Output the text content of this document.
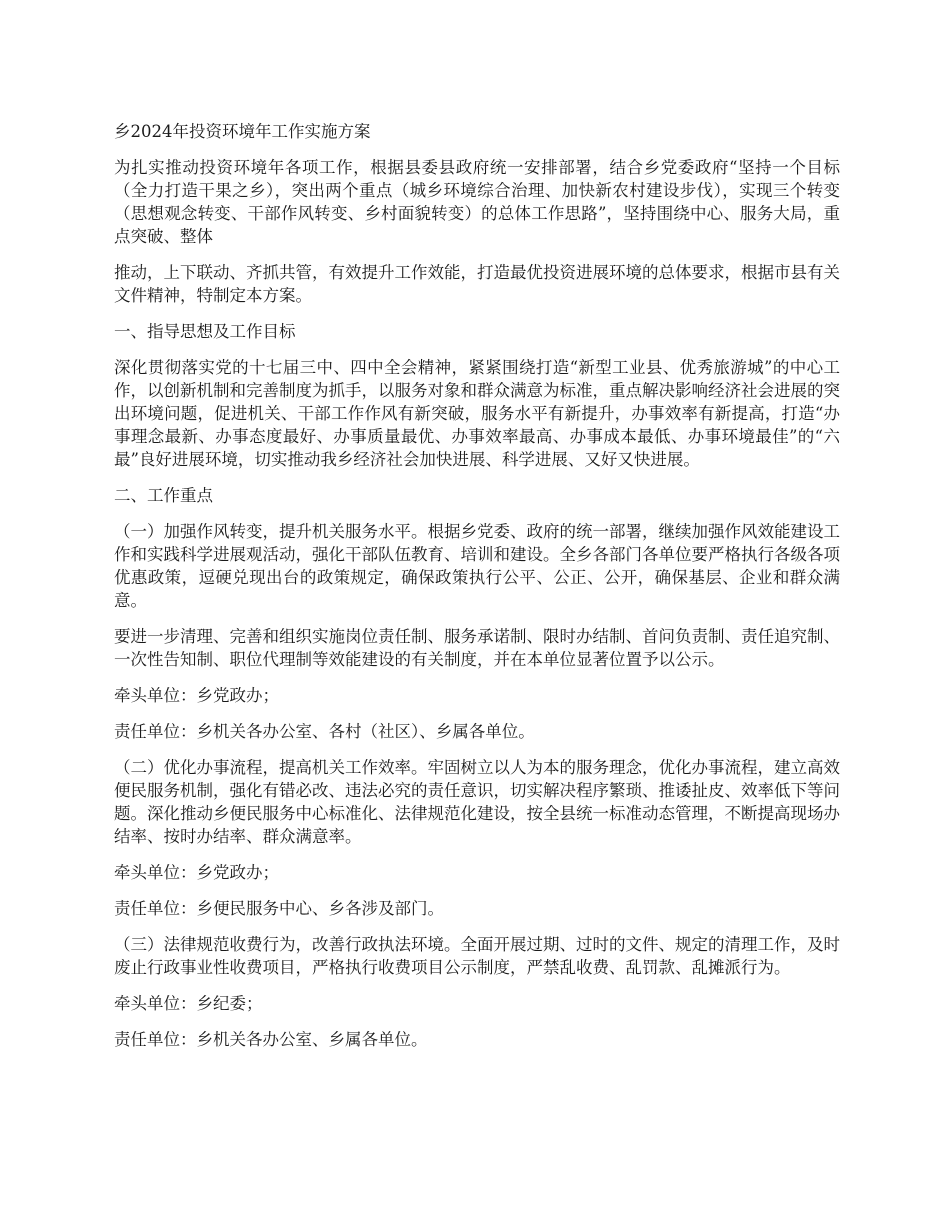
乡2024年投资环境年工作实施方案

为扎实推动投资环境年各项工作，根据县委县政府统一安排部署，结合乡党委政府“坚持一个目标（全力打造干果之乡），突出两个重点（城乡环境综合治理、加快新农村建设步伐），实现三个转变（思想观念转变、干部作风转变、乡村面貌转变）的总体工作思路”，坚持围绕中心、服务大局，重点突破、整体

推动，上下联动、齐抓共管，有效提升工作效能，打造最优投资进展环境的总体要求，根据市县有关文件精神，特制定本方案。

一、指导思想及工作目标

深化贯彻落实党的十七届三中、四中全会精神，紧紧围绕打造“新型工业县、优秀旅游城”的中心工作，以创新机制和完善制度为抓手，以服务对象和群众满意为标准，重点解决影响经济社会进展的突出环境问题，促进机关、干部工作作风有新突破，服务水平有新提升，办事效率有新提高，打造“办事理念最新、办事态度最好、办事质量最优、办事效率最高、办事成本最低、办事环境最佳”的“六最”良好进展环境，切实推动我乡经济社会加快进展、科学进展、又好又快进展。

二、工作重点

（一）加强作风转变，提升机关服务水平。根据乡党委、政府的统一部署，继续加强作风效能建设工作和实践科学进展观活动，强化干部队伍教育、培训和建设。全乡各部门各单位要严格执行各级各项优惠政策，逗硬兑现出台的政策规定，确保政策执行公平、公正、公开，确保基层、企业和群众满意。

要进一步清理、完善和组织实施岗位责任制、服务承诺制、限时办结制、首问负责制、责任追究制、一次性告知制、职位代理制等效能建设的有关制度，并在本单位显著位置予以公示。

牵头单位：乡党政办；

责任单位：乡机关各办公室、各村（社区）、乡属各单位。

（二）优化办事流程，提高机关工作效率。牢固树立以人为本的服务理念，优化办事流程，建立高效便民服务机制，强化有错必改、违法必究的责任意识，切实解决程序繁琐、推诿扯皮、效率低下等问题。深化推动乡便民服务中心标准化、法律规范化建设，按全县统一标准动态管理，不断提高现场办结率、按时办结率、群众满意率。

牵头单位：乡党政办；

责任单位：乡便民服务中心、乡各涉及部门。

（三）法律规范收费行为，改善行政执法环境。全面开展过期、过时的文件、规定的清理工作，及时废止行政事业性收费项目，严格执行收费项目公示制度，严禁乱收费、乱罚款、乱摊派行为。

牵头单位：乡纪委；

责任单位：乡机关各办公室、乡属各单位。
